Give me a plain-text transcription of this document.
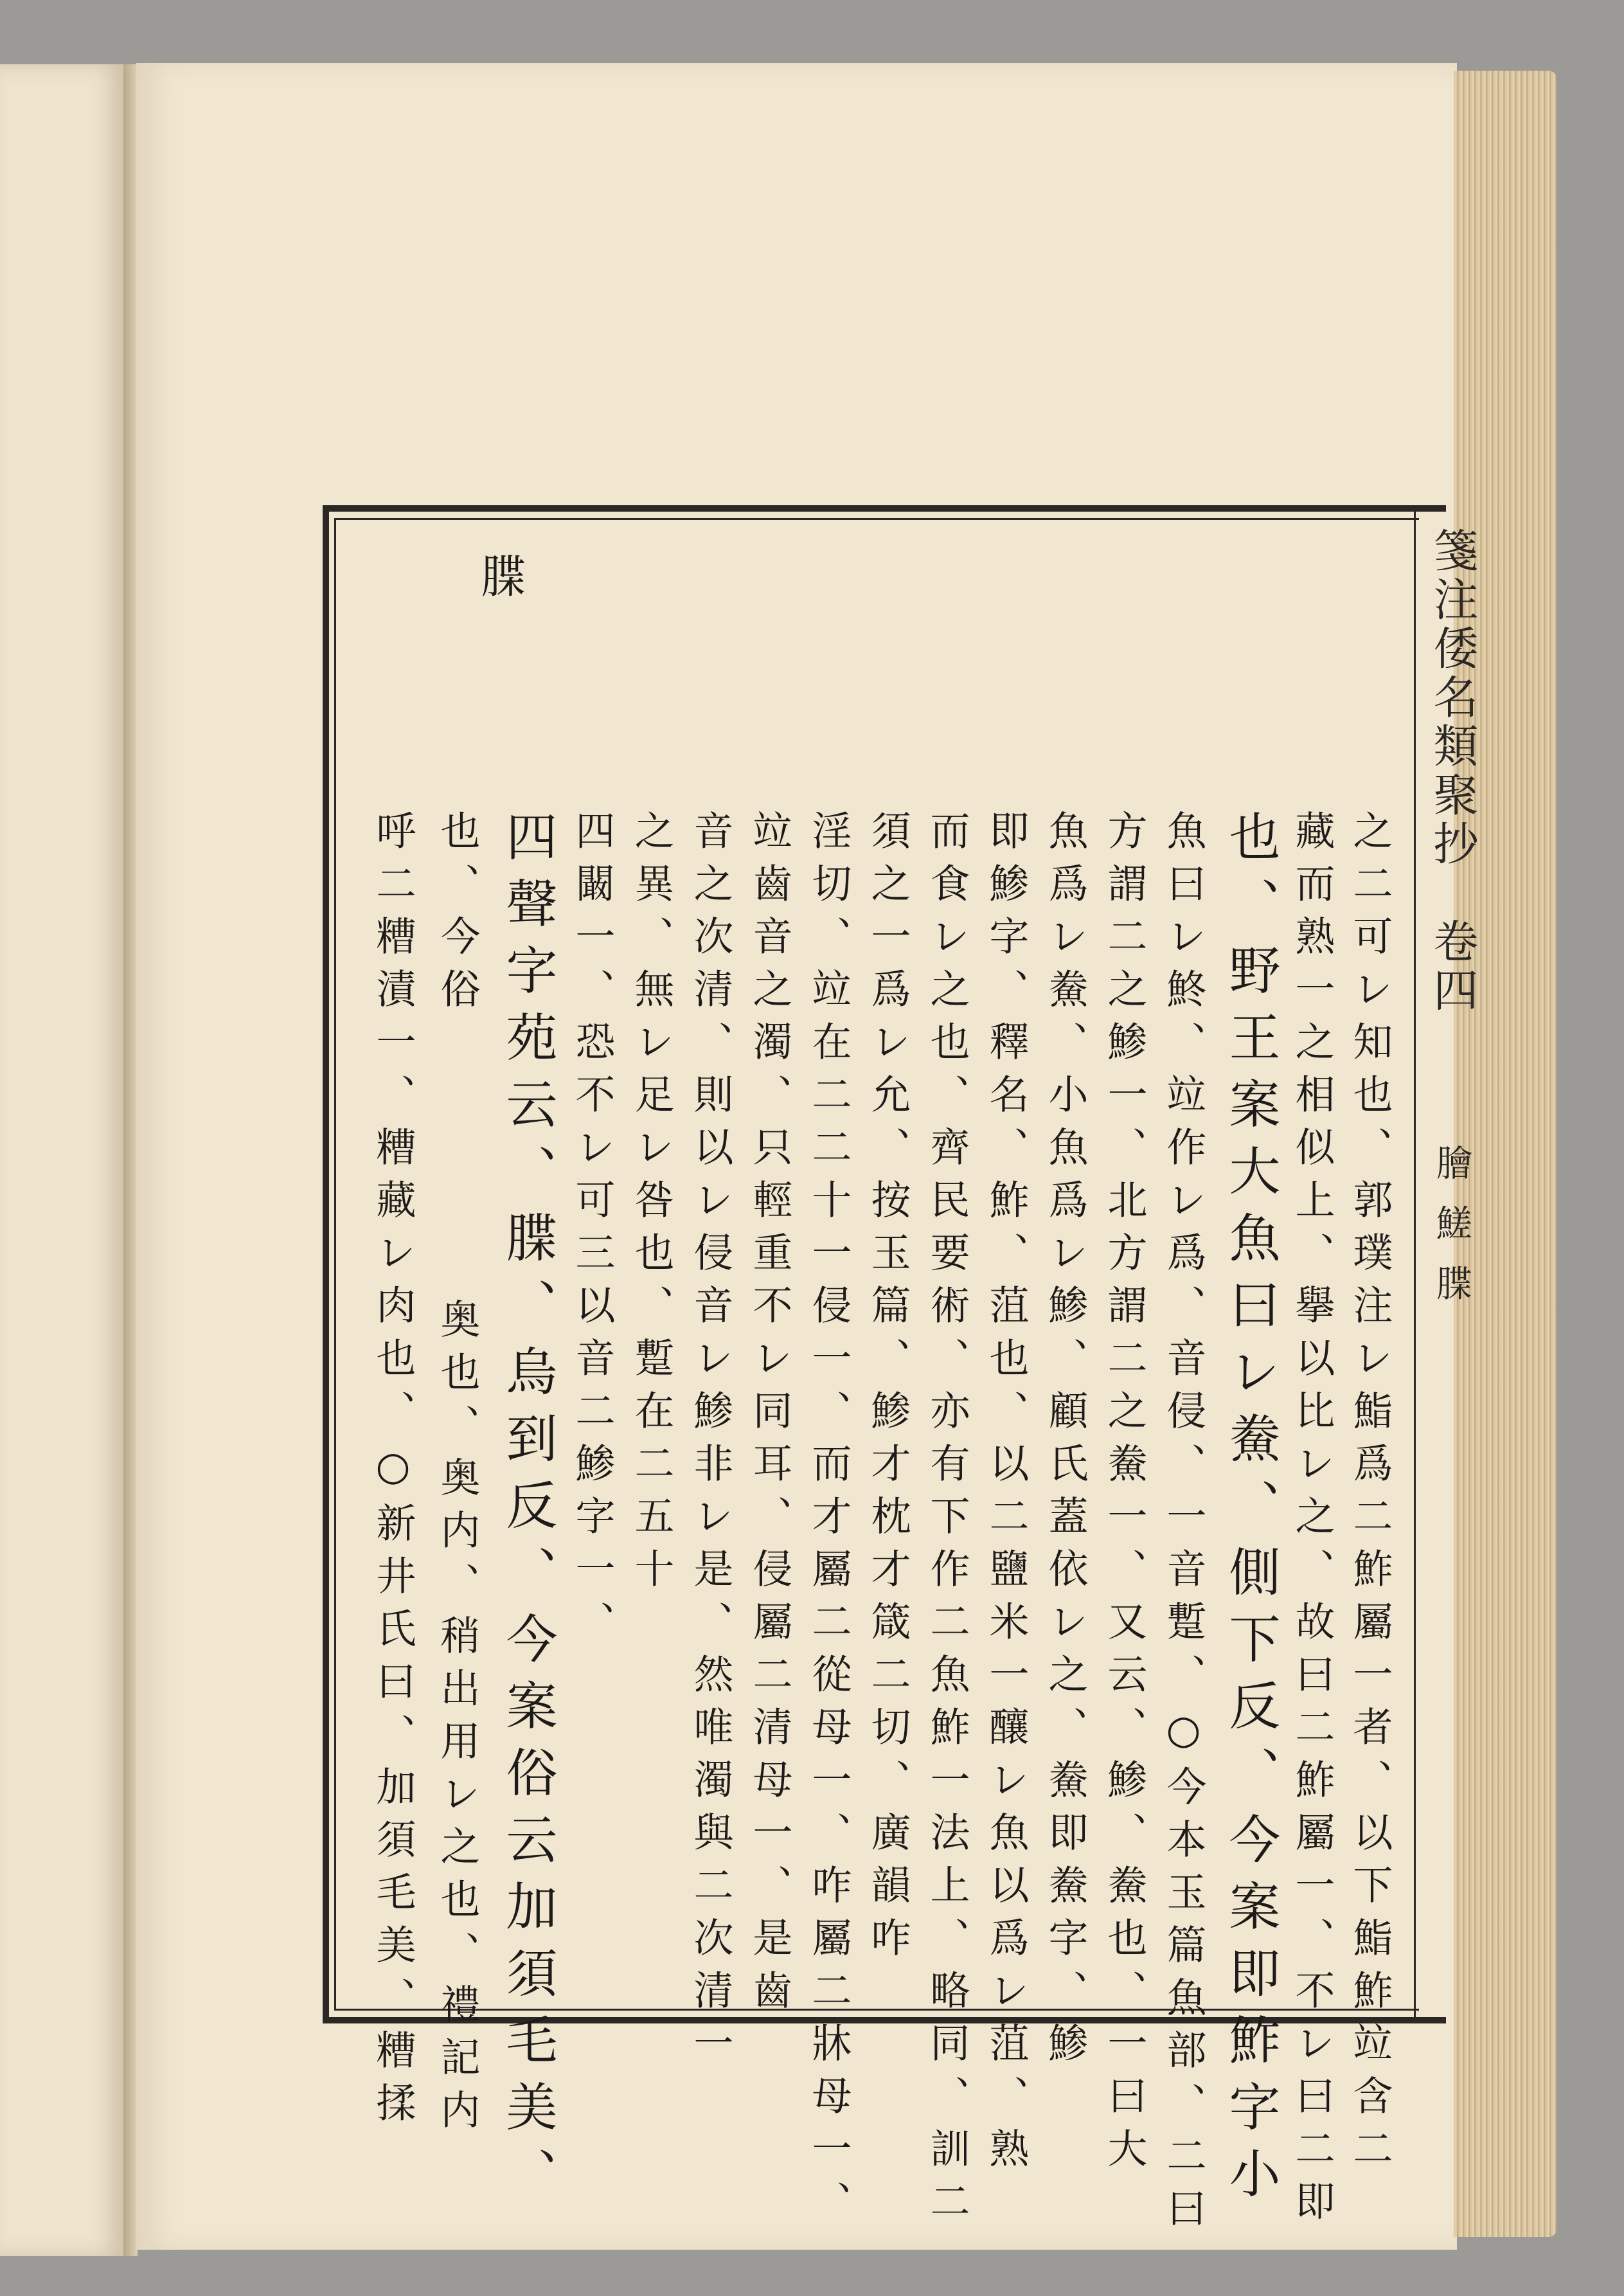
箋注倭名類聚抄　卷四
膾 䱹 䐑
之二可レ知也、郭璞注レ鮨爲二鮓屬一者、以下鮨鮓竝含二
藏而熟一之相似上、擧以比レ之、故曰二鮓屬一、不レ曰二即
也、野王案大魚曰レ鮝、側下反、今案即鮓字小
魚曰レ鮗、竝作レ爲、音侵、一音蹔、○今本玉篇魚部、二曰
方謂二之鯵一、北方謂二之鮝一、又云、鯵、鮝也、一曰大
魚爲レ鮝、小魚爲レ鯵、顧氏蓋依レ之、鮝即鮝字、鯵
即鯵字、釋名、鮓、菹也、以二鹽米一釀レ魚以爲レ菹、熟
而食レ之也、齊民要術、亦有下作二魚鮓一法上、略同、訓二
須之一爲レ允、按玉篇、鯵才枕才箴二切、廣韻咋
淫切、竝在二二十一侵一、而才屬二從母一、咋屬二牀母一、
竝齒音之濁、只輕重不レ同耳、侵屬二清母一、是齒
音之次清、則以レ侵音レ鯵非レ是、然唯濁與二次清一
之異、無レ足レ咎也、蹔在二五十
四闞一、恐不レ可三以音二鯵字一、
四聲字苑云、䐑、烏到反、今案俗云加須毛美、
也、今俗
呼二糟漬一、糟藏レ肉也、○新井氏曰、加須毛美、糟揉 奥也、奥内、稍出用レ之也、禮記内
䐑
